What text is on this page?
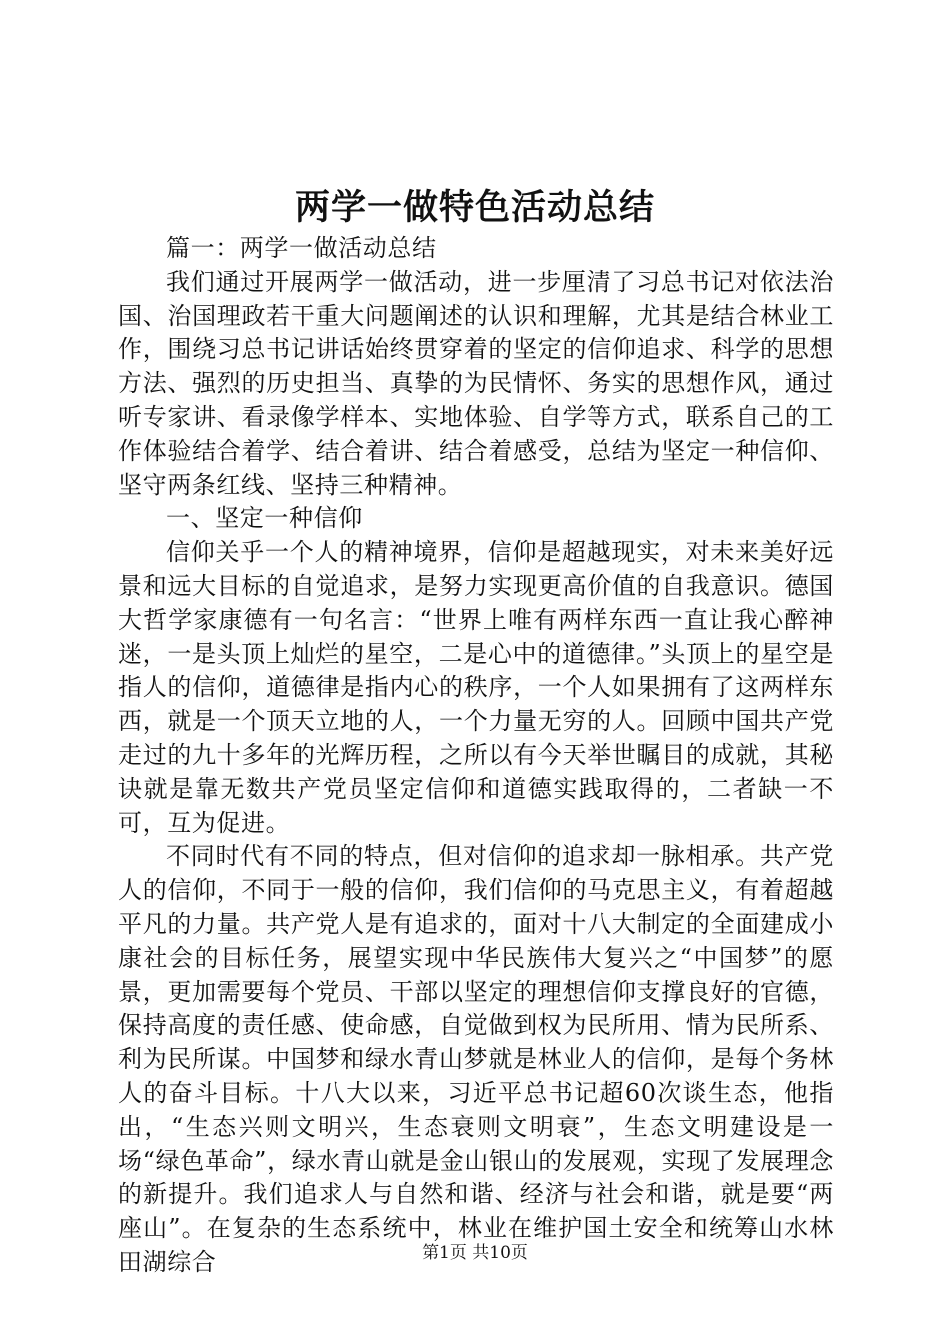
两学一做特色活动总结

篇一：两学一做活动总结

我们通过开展两学一做活动，进一步厘清了习总书记对依法治国、治国理政若干重大问题阐述的认识和理解，尤其是结合林业工作，围绕习总书记讲话始终贯穿着的坚定的信仰追求、科学的思想方法、强烈的历史担当、真挚的为民情怀、务实的思想作风，通过听专家讲、看录像学样本、实地体验、自学等方式，联系自己的工作体验结合着学、结合着讲、结合着感受，总结为坚定一种信仰、坚守两条红线、坚持三种精神。

一、坚定一种信仰

信仰关乎一个人的精神境界，信仰是超越现实，对未来美好远景和远大目标的自觉追求，是努力实现更高价值的自我意识。德国大哲学家康德有一句名言：“世界上唯有两样东西一直让我心醉神迷，一是头顶上灿烂的星空，二是心中的道德律。”头顶上的星空是指人的信仰，道德律是指内心的秩序，一个人如果拥有了这两样东西，就是一个顶天立地的人，一个力量无穷的人。回顾中国共产党走过的九十多年的光辉历程，之所以有今天举世瞩目的成就，其秘诀就是靠无数共产党员坚定信仰和道德实践取得的，二者缺一不可，互为促进。

不同时代有不同的特点，但对信仰的追求却一脉相承。共产党人的信仰，不同于一般的信仰，我们信仰的马克思主义，有着超越平凡的力量。共产党人是有追求的，面对十八大制定的全面建成小康社会的目标任务，展望实现中华民族伟大复兴之“中国梦”的愿景，更加需要每个党员、干部以坚定的理想信仰支撑良好的官德，保持高度的责任感、使命感，自觉做到权为民所用、情为民所系、利为民所谋。中国梦和绿水青山梦就是林业人的信仰，是每个务林人的奋斗目标。十八大以来，习近平总书记超60次谈生态，他指出，“生态兴则文明兴，生态衰则文明衰”，生态文明建设是一场“绿色革命”，绿水青山就是金山银山的发展观，实现了发展理念的新提升。我们追求人与自然和谐、经济与社会和谐，就是要“两座山”。在复杂的生态系统中，林业在维护国土安全和统筹山水林田湖综合	第1页 共10页
